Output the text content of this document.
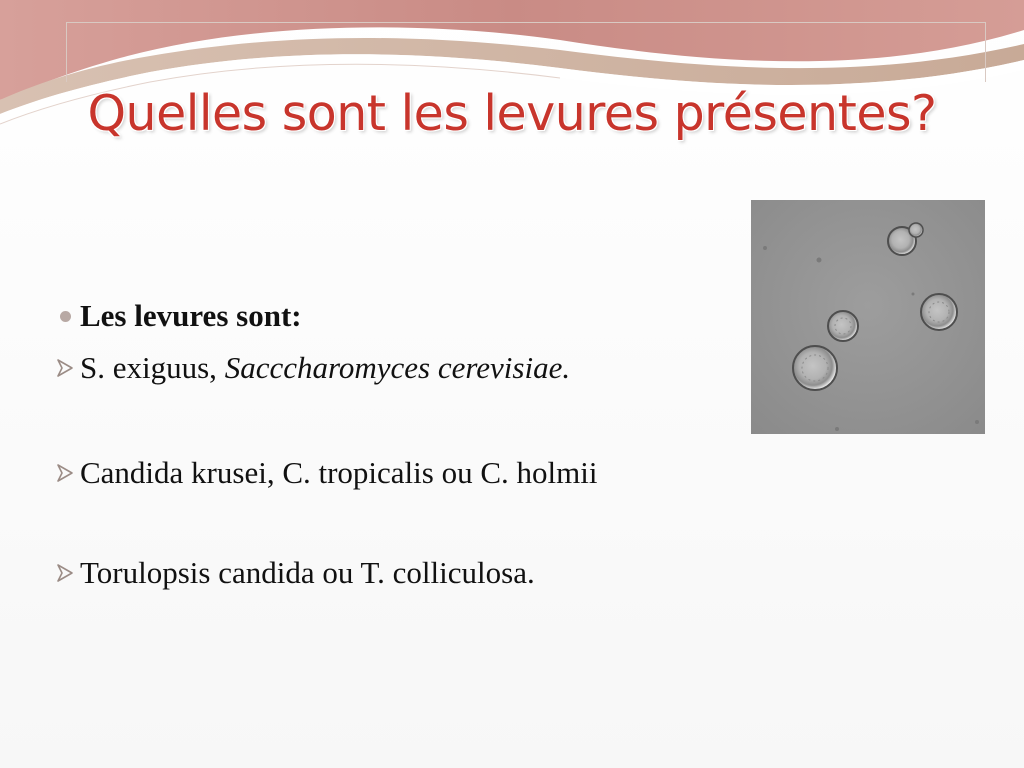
Quelles sont les levures présentes?
Les levures sont:
S. exiguus, Sacccharomyces cerevisiae.
Candida krusei, C. tropicalis ou C. holmii
Torulopsis candida ou T. colliculosa.
